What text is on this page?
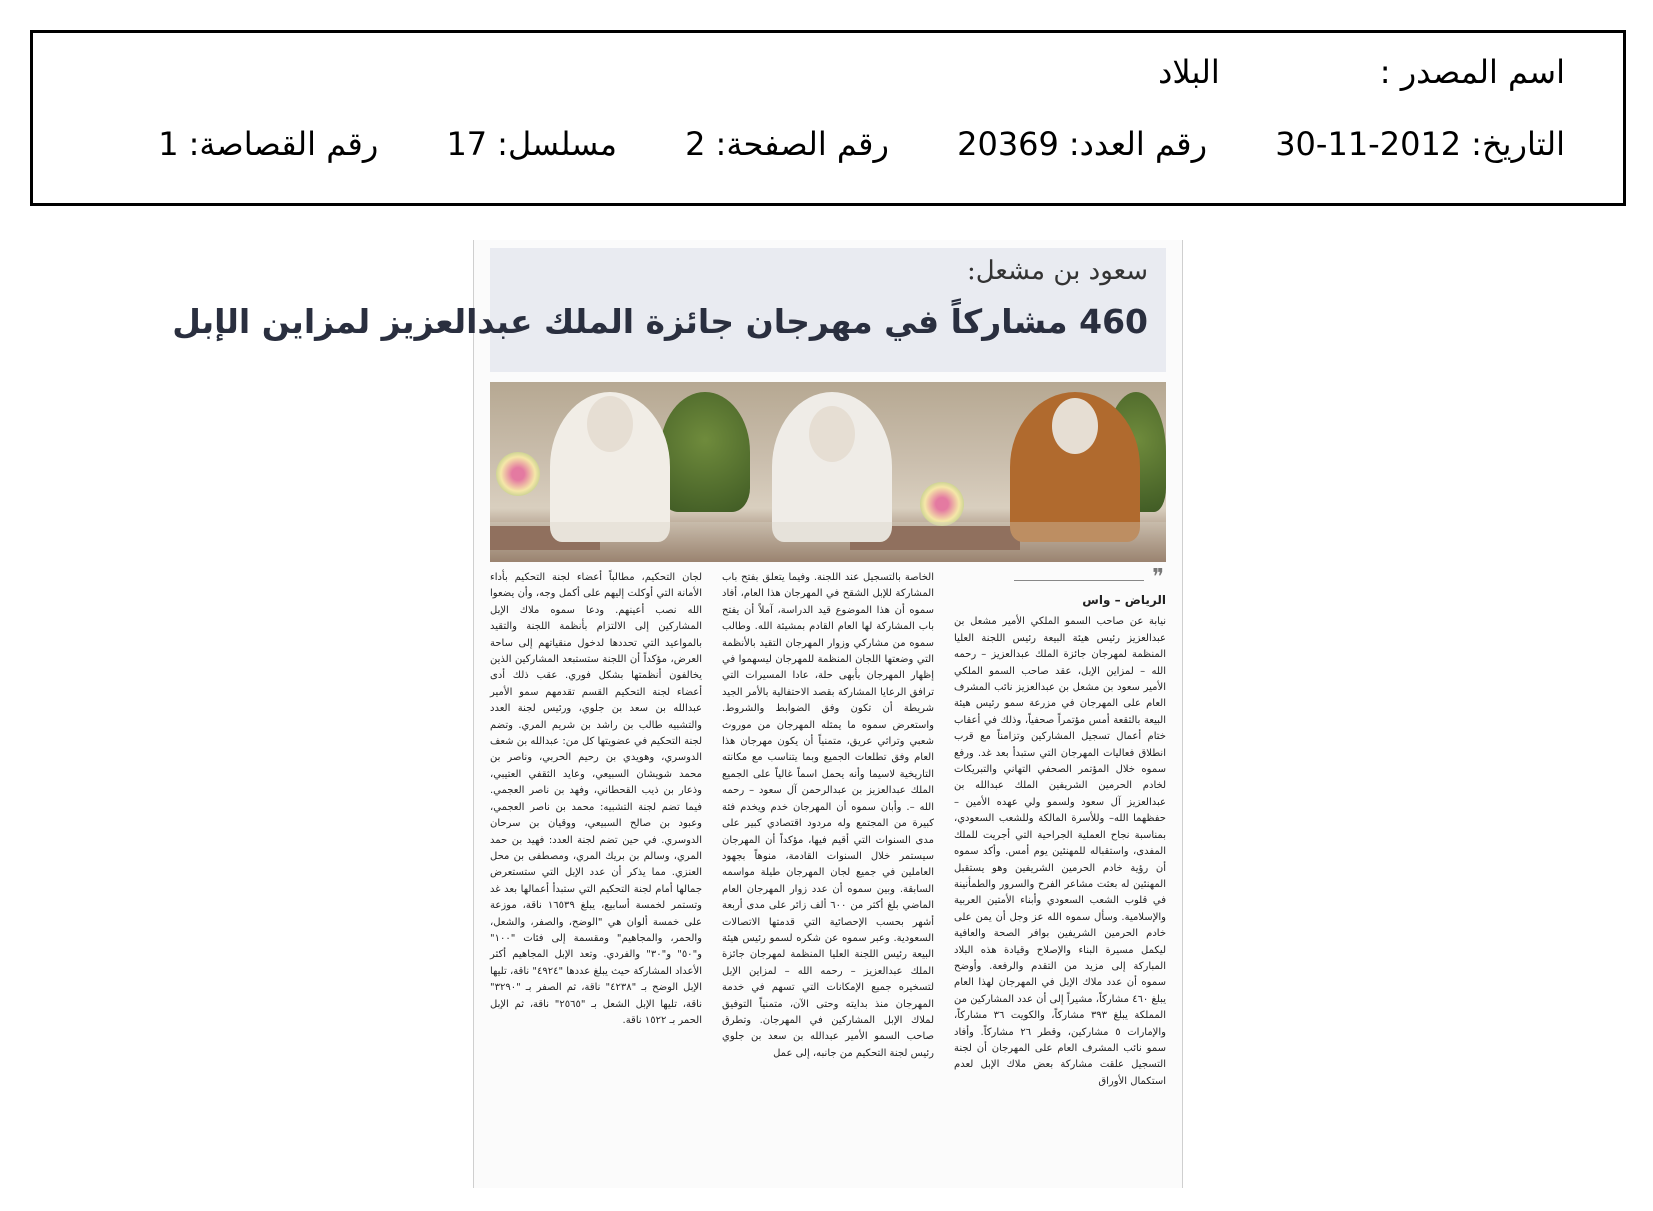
اسم المصدر :البلاد
التاريخ:2012-11-30 رقم العدد:20369 رقم الصفحة:2 مسلسل:17 رقم القصاصة:1
سعود بن مشعل:
460 مشاركاً في مهرجان جائزة الملك عبدالعزيز لمزاين الإبل
❞
الرياض – واس

نيابة عن صاحب السمو الملكي الأمير مشعل بن عبدالعزيز رئيس هيئة البيعة رئيس اللجنة العليا المنظمة لمهرجان جائزة الملك عبدالعزيز – رحمه الله – لمزاين الإبل، عقد صاحب السمو الملكي الأمير سعود بن مشعل بن عبدالعزيز نائب المشرف العام على المهرجان في مزرعة سمو رئيس هيئة البيعة بالثقعة أمس مؤتمراً صحفياً، وذلك في أعقاب ختام أعمال تسجيل المشاركين وتزامناً مع قرب انطلاق فعاليات المهرجان التي ستبدأ بعد غد. ورفع سموه خلال المؤتمر الصحفي التهاني والتبريكات لخادم الحرمين الشريفين الملك عبدالله بن عبدالعزيز آل سعود ولسمو ولي عهده الأمين –حفظهما الله– وللأسرة المالكة وللشعب السعودي، بمناسبة نجاح العملية الجراحية التي أجريت للملك المفدى، واستقباله للمهنئين يوم أمس. وأكد سموه أن رؤية خادم الحرمين الشريفين وهو يستقبل المهنئين له بعثت مشاعر الفرح والسرور والطمأنينة في قلوب الشعب السعودي وأبناء الأمتين العربية والإسلامية. وسأل سموه الله عز وجل أن يمن على خادم الحرمين الشريفين بوافر الصحة والعافية ليكمل مسيرة البناء والإصلاح وقيادة هذه البلاد المباركة إلى مزيد من التقدم والرفعة. وأوضح سموه أن عدد ملاك الإبل في المهرجان لهذا العام يبلغ ٤٦٠ مشاركاً، مشيراً إلى أن عدد المشاركين من المملكة يبلغ ٣٩٣ مشاركاً، والكويت ٣٦ مشاركاً، والإمارات ٥ مشاركين، وقطر ٢٦ مشاركاً. وأفاد سمو نائب المشرف العام على المهرجان أن لجنة التسجيل علقت مشاركة بعض ملاك الإبل لعدم استكمال الأوراق

الخاصة بالتسجيل عند اللجنة. وفيما يتعلق بفتح باب المشاركة للإبل الشقح في المهرجان هذا العام، أفاد سموه أن هذا الموضوع قيد الدراسة، آملاً أن يفتح باب المشاركة لها العام القادم بمشيئة الله. وطالب سموه من مشاركي وزوار المهرجان التقيد بالأنظمة التي وضعتها اللجان المنظمة للمهرجان ليسهموا في إظهار المهرجان بأبهى حلة، عادا المسيرات التي ترافق الرعايا المشاركة بقصد الاحتفالية بالأمر الجيد شريطة أن تكون وفق الضوابط والشروط. واستعرض سموه ما يمثله المهرجان من موروث شعبي وتراثي عريق، متمنياً أن يكون مهرجان هذا العام وفق تطلعات الجميع وبما يتناسب مع مكانته التاريخية لاسيما وأنه يحمل اسماً غالياً على الجميع الملك عبدالعزيز بن عبدالرحمن آل سعود – رحمه الله –. وأبان سموه أن المهرجان خدم ويخدم فئة كبيرة من المجتمع وله مردود اقتصادي كبير على مدى السنوات التي أقيم فيها، مؤكداً أن المهرجان سيستمر خلال السنوات القادمة، منوهاً بجهود العاملين في جميع لجان المهرجان طيلة مواسمه السابقة. وبين سموه أن عدد زوار المهرجان العام الماضي بلغ أكثر من ٦٠٠ ألف زائر على مدى أربعة أشهر بحسب الإحصائية التي قدمتها الاتصالات السعودية. وعبر سموه عن شكره لسمو رئيس هيئة البيعة رئيس اللجنة العليا المنظمة لمهرجان جائزة الملك عبدالعزيز – رحمه الله – لمزاين الإبل لتسخيره جميع الإمكانات التي تسهم في خدمة المهرجان منذ بدايته وحتى الآن، متمنياً التوفيق لملاك الإبل المشاركين في المهرجان. وتطرق صاحب السمو الأمير عبدالله بن سعد بن جلوي رئيس لجنة التحكيم من جانبه، إلى عمل

لجان التحكيم، مطالباً أعضاء لجنة التحكيم بأداء الأمانة التي أوكلت إليهم على أكمل وجه، وأن يضعوا الله نصب أعينهم. ودعا سموه ملاك الإبل المشاركين إلى الالتزام بأنظمة اللجنة والتقيد بالمواعيد التي تحددها لدخول منقياتهم إلى ساحة العرض، مؤكداً أن اللجنة ستستبعد المشاركين الذين يخالفون أنظمتها بشكل فوري. عقب ذلك أدى أعضاء لجنة التحكيم القسم تقدمهم سمو الأمير عبدالله بن سعد بن جلوي، ورئيس لجنة العدد والتشبيه طالب بن راشد بن شريم المري. وتضم لجنة التحكيم في عضويتها كل من: عبدالله بن شعف الدوسري، وهويدي بن رحيم الحربي، وناصر بن محمد شويشان السبيعي، وعايد الثقفي العتيبي، وذعار بن ذيب القحطاني، وفهد بن ناصر العجمي. فيما تضم لجنة التشبيه: محمد بن ناصر العجمي، وعبود بن صالح السبيعي، ووقيان بن سرحان الدوسري. في حين تضم لجنة العدد: فهيد بن حمد المري، وسالم بن بريك المري، ومصطفى بن محل العنزي. مما يذكر أن عدد الإبل التي ستستعرض جمالها أمام لجنة التحكيم التي ستبدأ أعمالها بعد غد وتستمر لخمسة أسابيع، يبلغ ١٦٥٣٩ ناقة، موزعة على خمسة ألوان هي "الوضح، والصفر، والشعل، والحمر، والمجاهيم" ومقسمة إلى فئات "١٠٠" و"٥٠" و"٣٠" والفردي. وتعد الإبل المجاهيم أكثر الأعداد المشاركة حيث يبلغ عددها "٤٩٢٤" ناقة، تليها الإبل الوضح بـ "٤٢٣٨" ناقة، ثم الصفر بـ "٣٢٩٠" ناقة، تليها الإبل الشعل بـ "٢٥٦٥" ناقة، ثم الإبل الحمر بـ ١٥٢٢ ناقة.
